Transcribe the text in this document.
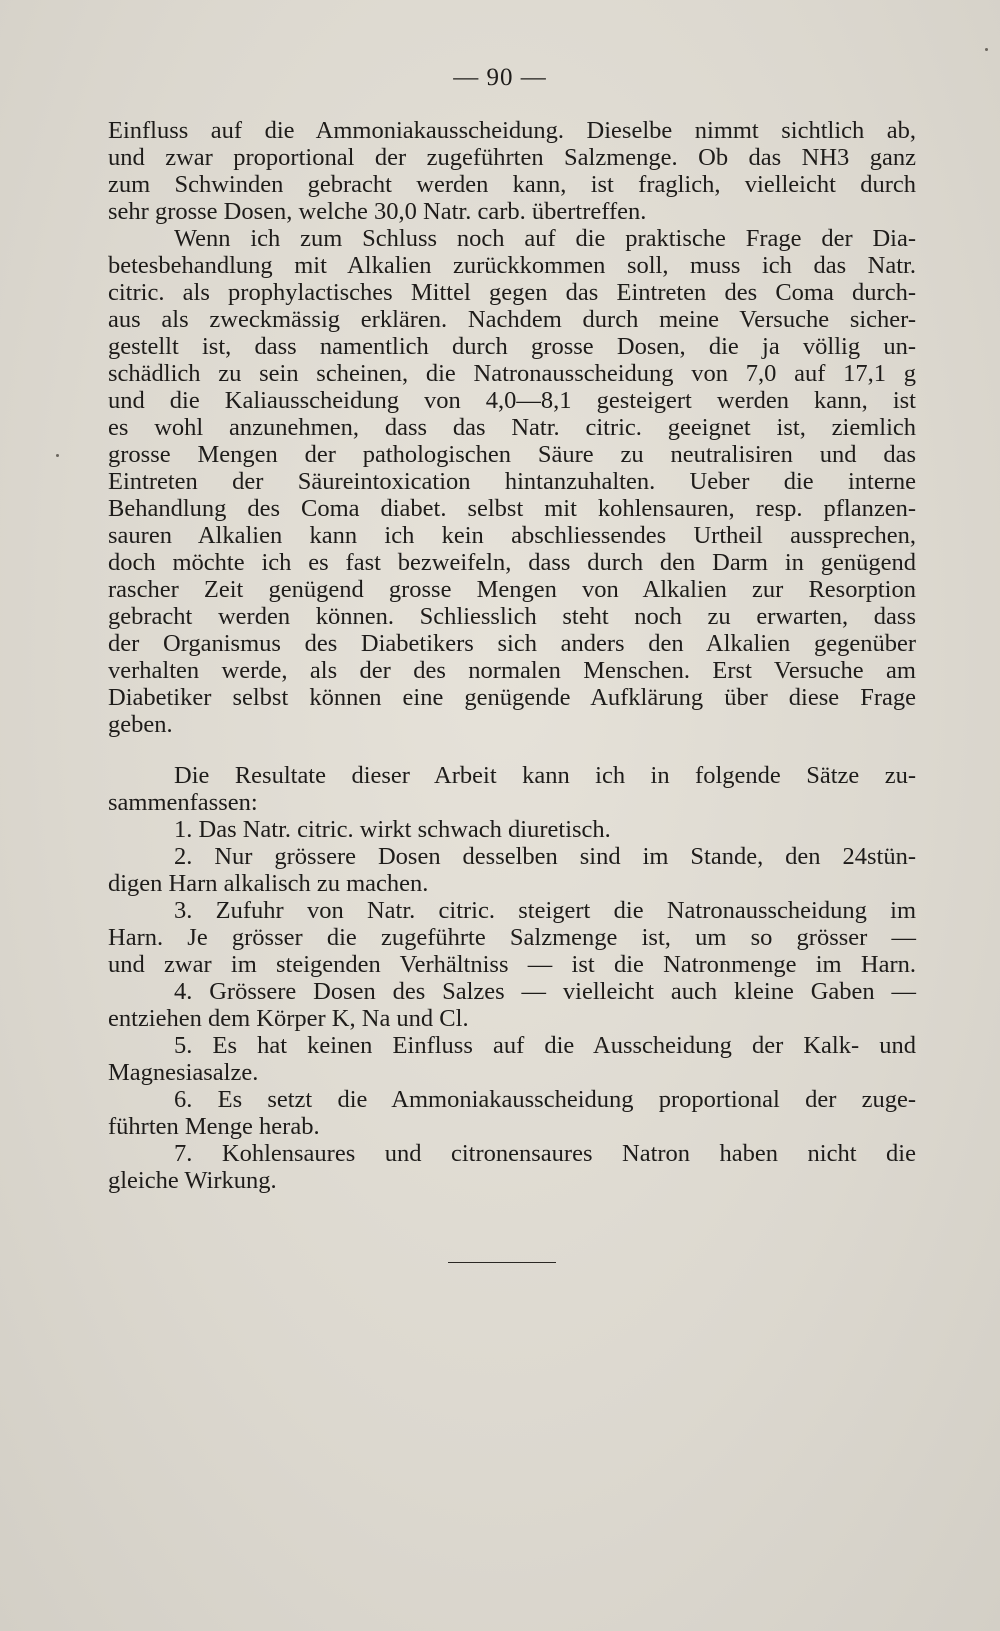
— 90 —
Einfluss auf die Ammoniakausscheidung. Dieselbe nimmt sichtlich ab,
und zwar proportional der zugeführten Salzmenge. Ob das NH3 ganz
zum Schwinden gebracht werden kann, ist fraglich, vielleicht durch
sehr grosse Dosen, welche 30,0 Natr. carb. übertreffen.
Wenn ich zum Schluss noch auf die praktische Frage der Dia-
betesbehandlung mit Alkalien zurückkommen soll, muss ich das Natr.
citric. als prophylactisches Mittel gegen das Eintreten des Coma durch-
aus als zweckmässig erklären. Nachdem durch meine Versuche sicher-
gestellt ist, dass namentlich durch grosse Dosen, die ja völlig un-
schädlich zu sein scheinen, die Natronausscheidung von 7,0 auf 17,1 g
und die Kaliausscheidung von 4,0—8,1 gesteigert werden kann, ist
es wohl anzunehmen, dass das Natr. citric. geeignet ist, ziemlich
grosse Mengen der pathologischen Säure zu neutralisiren und das
Eintreten der Säureintoxication hintanzuhalten. Ueber die interne
Behandlung des Coma diabet. selbst mit kohlensauren, resp. pflanzen-
sauren Alkalien kann ich kein abschliessendes Urtheil aussprechen,
doch möchte ich es fast bezweifeln, dass durch den Darm in genügend
rascher Zeit genügend grosse Mengen von Alkalien zur Resorption
gebracht werden können. Schliesslich steht noch zu erwarten, dass
der Organismus des Diabetikers sich anders den Alkalien gegenüber
verhalten werde, als der des normalen Menschen. Erst Versuche am
Diabetiker selbst können eine genügende Aufklärung über diese Frage
geben.
Die Resultate dieser Arbeit kann ich in folgende Sätze zu-
sammenfassen:
1. Das Natr. citric. wirkt schwach diuretisch.
2. Nur grössere Dosen desselben sind im Stande, den 24stün-
digen Harn alkalisch zu machen.
3. Zufuhr von Natr. citric. steigert die Natronausscheidung im
Harn. Je grösser die zugeführte Salzmenge ist, um so grösser —
und zwar im steigenden Verhältniss — ist die Natronmenge im Harn.
4. Grössere Dosen des Salzes — vielleicht auch kleine Gaben —
entziehen dem Körper K, Na und Cl.
5. Es hat keinen Einfluss auf die Ausscheidung der Kalk- und
Magnesiasalze.
6. Es setzt die Ammoniakausscheidung proportional der zuge-
führten Menge herab.
7. Kohlensaures und citronensaures Natron haben nicht die
gleiche Wirkung.
